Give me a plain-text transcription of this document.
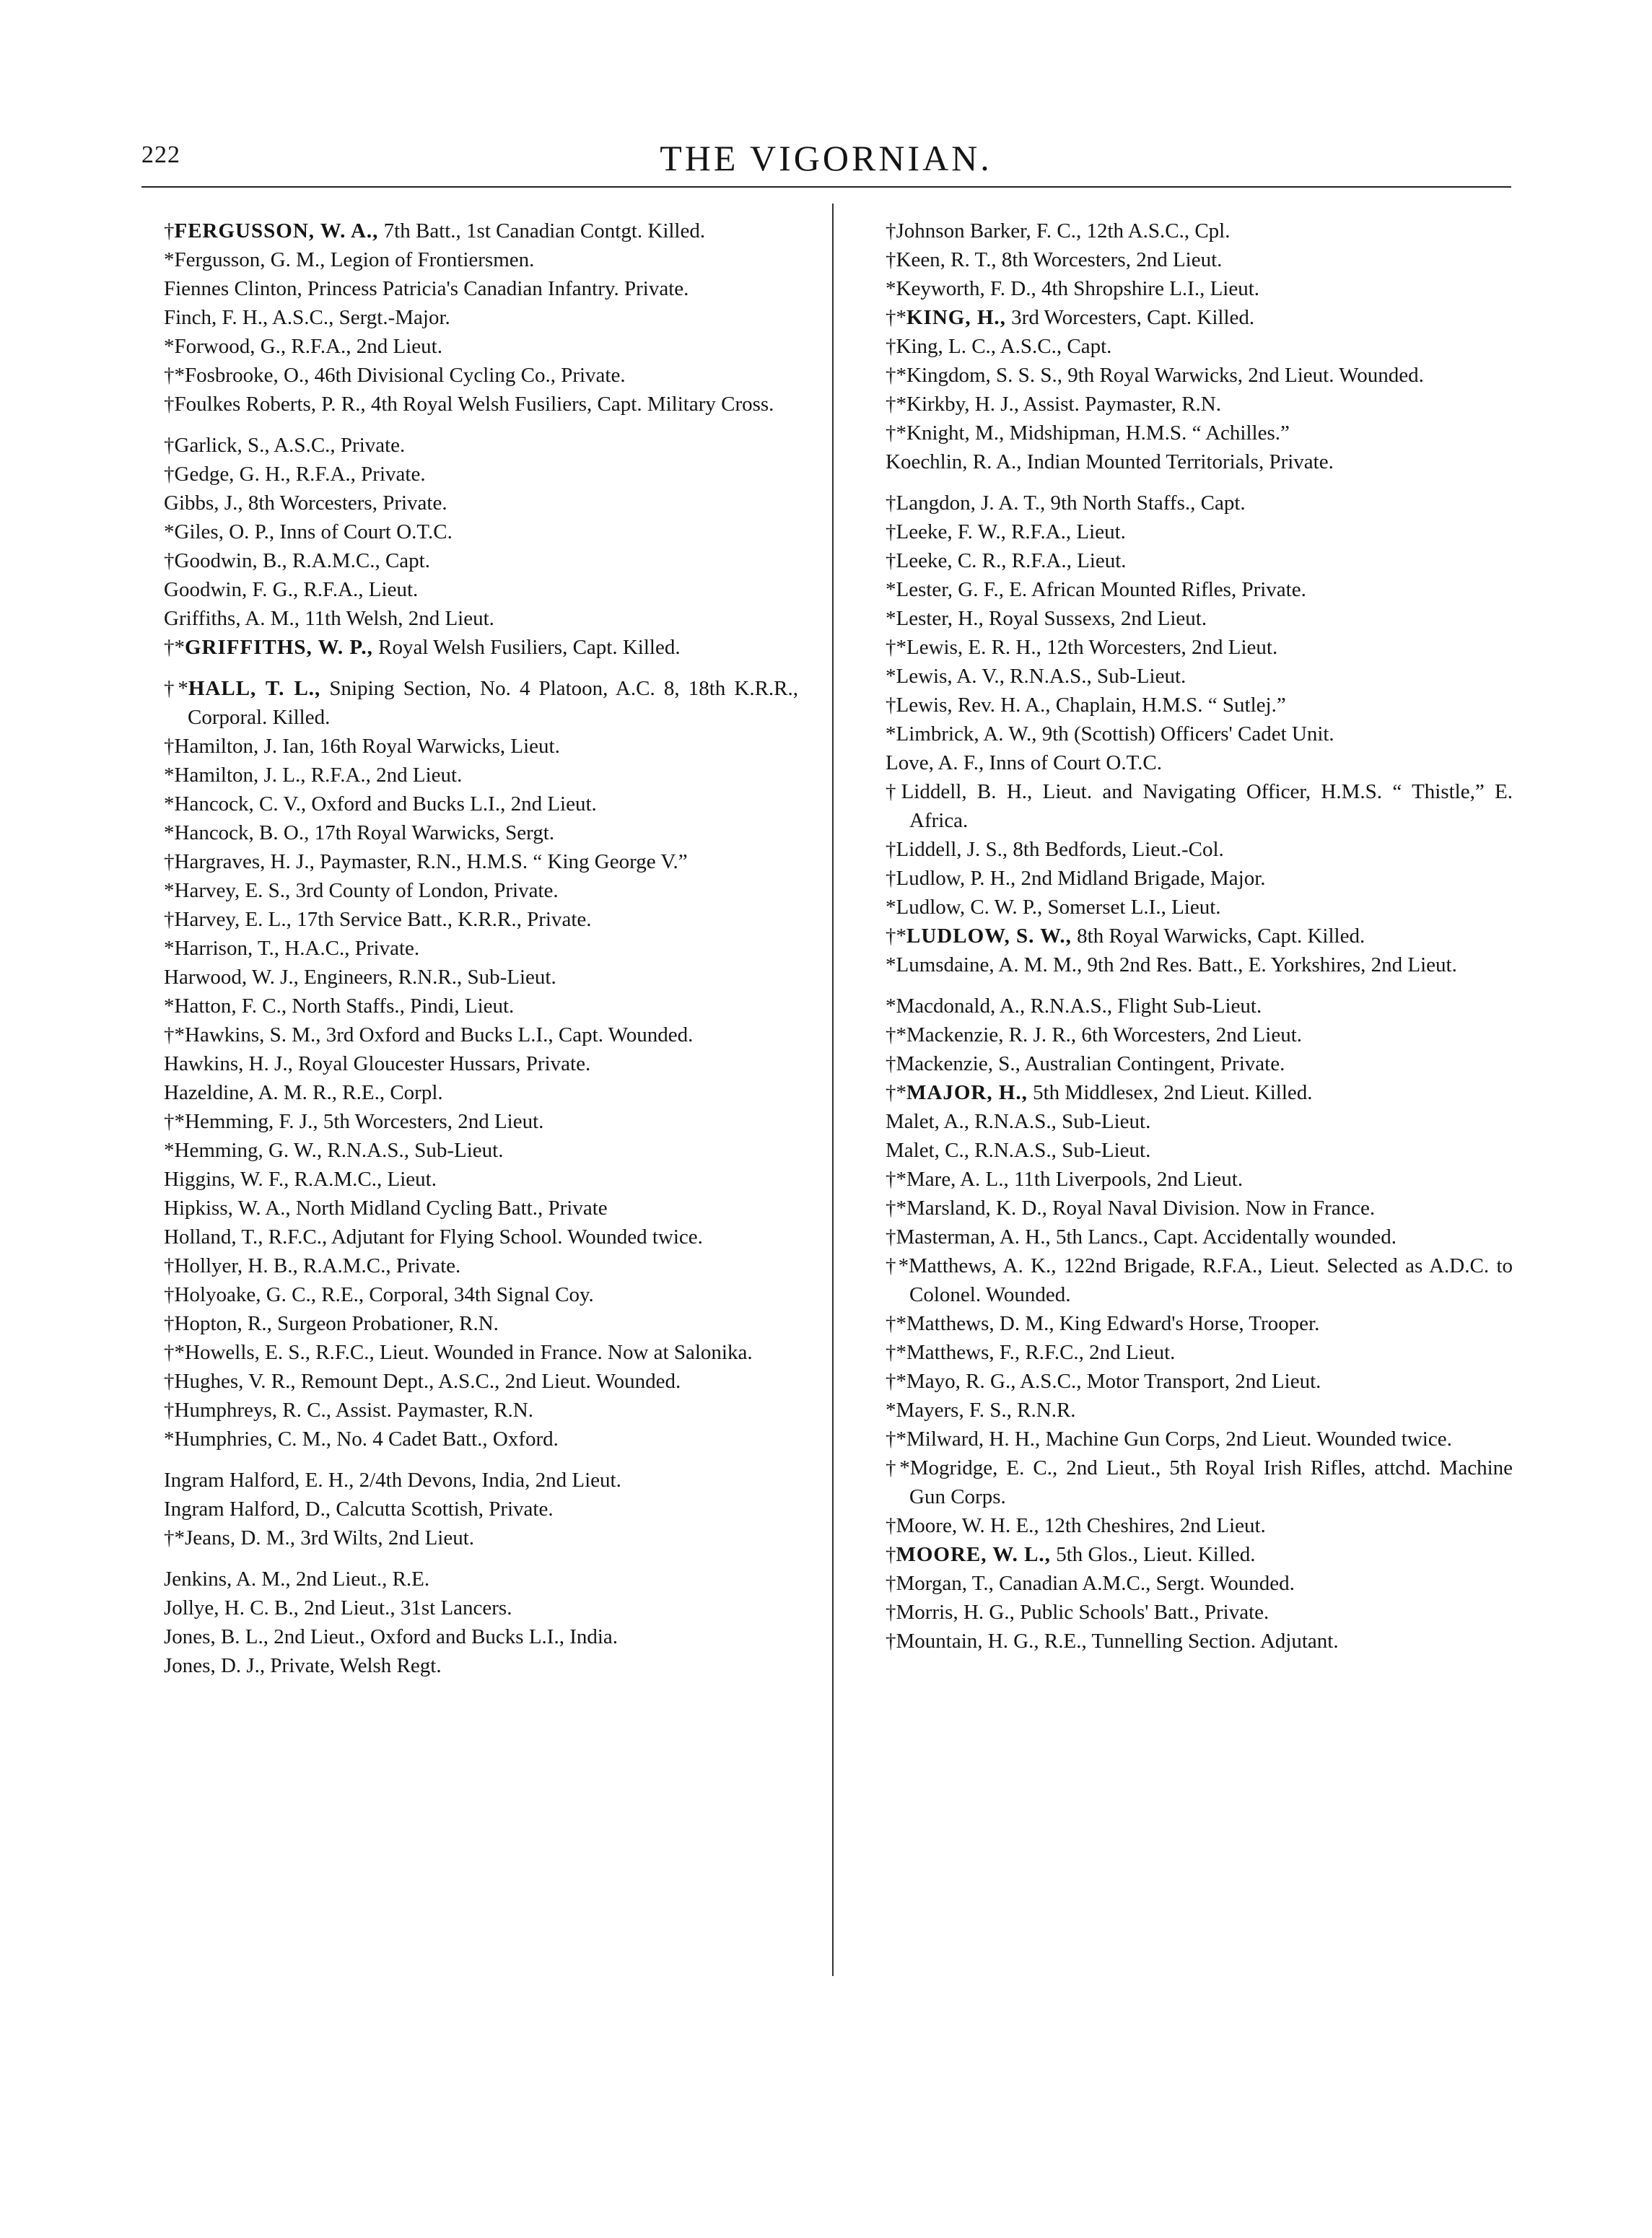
222	THE VIGORNIAN.
†FERGUSSON, W. A., 7th Batt., 1st Canadian Contgt. Killed.
*Fergusson, G. M., Legion of Frontiersmen.
Fiennes Clinton, Princess Patricia's Canadian Infantry. Private.
Finch, F. H., A.S.C., Sergt.-Major.
*Forwood, G., R.F.A., 2nd Lieut.
†*Fosbrooke, O., 46th Divisional Cycling Co., Private.
†Foulkes Roberts, P. R., 4th Royal Welsh Fusiliers, Capt. Military Cross.
†Garlick, S., A.S.C., Private.
†Gedge, G. H., R.F.A., Private.
Gibbs, J., 8th Worcesters, Private.
*Giles, O. P., Inns of Court O.T.C.
†Goodwin, B., R.A.M.C., Capt.
Goodwin, F. G., R.F.A., Lieut.
Griffiths, A. M., 11th Welsh, 2nd Lieut.
†*GRIFFITHS, W. P., Royal Welsh Fusiliers, Capt. Killed.
†*HALL, T. L., Sniping Section, No. 4 Platoon, A.C. 8, 18th K.R.R., Corporal. Killed.
†Hamilton, J. Ian, 16th Royal Warwicks, Lieut.
*Hamilton, J. L., R.F.A., 2nd Lieut.
*Hancock, C. V., Oxford and Bucks L.I., 2nd Lieut.
*Hancock, B. O., 17th Royal Warwicks, Sergt.
†Hargraves, H. J., Paymaster, R.N., H.M.S. “ King George V.”
*Harvey, E. S., 3rd County of London, Private.
†Harvey, E. L., 17th Service Batt., K.R.R., Private.
*Harrison, T., H.A.C., Private.
Harwood, W. J., Engineers, R.N.R., Sub-Lieut.
*Hatton, F. C., North Staffs., Pindi, Lieut.
†*Hawkins, S. M., 3rd Oxford and Bucks L.I., Capt. Wounded.
Hawkins, H. J., Royal Gloucester Hussars, Private.
Hazeldine, A. M. R., R.E., Corpl.
†*Hemming, F. J., 5th Worcesters, 2nd Lieut.
*Hemming, G. W., R.N.A.S., Sub-Lieut.
Higgins, W. F., R.A.M.C., Lieut.
Hipkiss, W. A., North Midland Cycling Batt., Private
Holland, T., R.F.C., Adjutant for Flying School. Wounded twice.
†Hollyer, H. B., R.A.M.C., Private.
†Holyoake, G. C., R.E., Corporal, 34th Signal Coy.
†Hopton, R., Surgeon Probationer, R.N.
†*Howells, E. S., R.F.C., Lieut. Wounded in France. Now at Salonika.
†Hughes, V. R., Remount Dept., A.S.C., 2nd Lieut. Wounded.
†Humphreys, R. C., Assist. Paymaster, R.N.
*Humphries, C. M., No. 4 Cadet Batt., Oxford.
Ingram Halford, E. H., 2/4th Devons, India, 2nd Lieut.
Ingram Halford, D., Calcutta Scottish, Private.
†*Jeans, D. M., 3rd Wilts, 2nd Lieut.
Jenkins, A. M., 2nd Lieut., R.E.
Jollye, H. C. B., 2nd Lieut., 31st Lancers.
Jones, B. L., 2nd Lieut., Oxford and Bucks L.I., India.
Jones, D. J., Private, Welsh Regt.
†Johnson Barker, F. C., 12th A.S.C., Cpl.
†Keen, R. T., 8th Worcesters, 2nd Lieut.
*Keyworth, F. D., 4th Shropshire L.I., Lieut.
†*KING, H., 3rd Worcesters, Capt. Killed.
†King, L. C., A.S.C., Capt.
†*Kingdom, S. S. S., 9th Royal Warwicks, 2nd Lieut. Wounded.
†*Kirkby, H. J., Assist. Paymaster, R.N.
†*Knight, M., Midshipman, H.M.S. “ Achilles.”
Koechlin, R. A., Indian Mounted Territorials, Private.
†Langdon, J. A. T., 9th North Staffs., Capt.
†Leeke, F. W., R.F.A., Lieut.
†Leeke, C. R., R.F.A., Lieut.
*Lester, G. F., E. African Mounted Rifles, Private.
*Lester, H., Royal Sussexs, 2nd Lieut.
†*Lewis, E. R. H., 12th Worcesters, 2nd Lieut.
*Lewis, A. V., R.N.A.S., Sub-Lieut.
†Lewis, Rev. H. A., Chaplain, H.M.S. “ Sutlej.”
*Limbrick, A. W., 9th (Scottish) Officers' Cadet Unit.
Love, A. F., Inns of Court O.T.C.
†Liddell, B. H., Lieut. and Navigating Officer, H.M.S. “ Thistle,” E. Africa.
†Liddell, J. S., 8th Bedfords, Lieut.-Col.
†Ludlow, P. H., 2nd Midland Brigade, Major.
*Ludlow, C. W. P., Somerset L.I., Lieut.
†*LUDLOW, S. W., 8th Royal Warwicks, Capt. Killed.
*Lumsdaine, A. M. M., 9th 2nd Res. Batt., E. Yorkshires, 2nd Lieut.
*Macdonald, A., R.N.A.S., Flight Sub-Lieut.
†*Mackenzie, R. J. R., 6th Worcesters, 2nd Lieut.
†Mackenzie, S., Australian Contingent, Private.
†*MAJOR, H., 5th Middlesex, 2nd Lieut. Killed.
Malet, A., R.N.A.S., Sub-Lieut.
Malet, C., R.N.A.S., Sub-Lieut.
†*Mare, A. L., 11th Liverpools, 2nd Lieut.
†*Marsland, K. D., Royal Naval Division. Now in France.
†Masterman, A. H., 5th Lancs., Capt. Accidentally wounded.
†*Matthews, A. K., 122nd Brigade, R.F.A., Lieut. Selected as A.D.C. to Colonel. Wounded.
†*Matthews, D. M., King Edward's Horse, Trooper.
†*Matthews, F., R.F.C., 2nd Lieut.
†*Mayo, R. G., A.S.C., Motor Transport, 2nd Lieut.
*Mayers, F. S., R.N.R.
†*Milward, H. H., Machine Gun Corps, 2nd Lieut. Wounded twice.
†*Mogridge, E. C., 2nd Lieut., 5th Royal Irish Rifles, attchd. Machine Gun Corps.
†Moore, W. H. E., 12th Cheshires, 2nd Lieut.
†MOORE, W. L., 5th Glos., Lieut. Killed.
†Morgan, T., Canadian A.M.C., Sergt. Wounded.
†Morris, H. G., Public Schools' Batt., Private.
†Mountain, H. G., R.E., Tunnelling Section. Adjutant.
